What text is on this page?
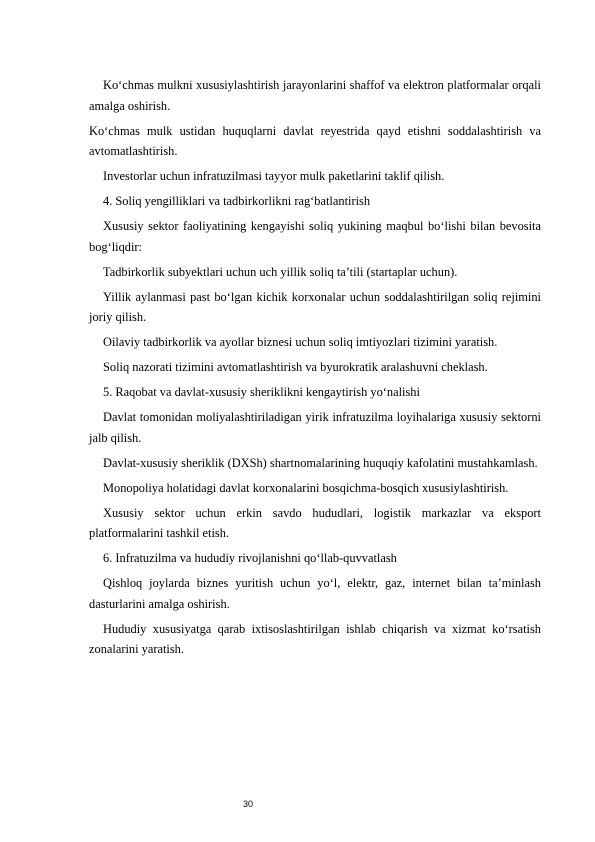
Ko‘chmas mulkni xususiylashtirish jarayonlarini shaffof va elektron platformalar orqali amalga oshirish.

Ko‘chmas mulk ustidan huquqlarni davlat reyestrida qayd etishni soddalashtirish va avtomatlashtirish.

Investorlar uchun infratuzilmasi tayyor mulk paketlarini taklif qilish.

4. Soliq yengilliklari va tadbirkorlikni rag‘batlantirish

Xususiy sektor faoliyatining kengayishi soliq yukining maqbul bo‘lishi bilan bevosita bog‘liqdir:

Tadbirkorlik subyektlari uchun uch yillik soliq ta’tili (startaplar uchun).

Yillik aylanmasi past bo‘lgan kichik korxonalar uchun soddalashtirilgan soliq rejimini joriy qilish.

Oilaviy tadbirkorlik va ayollar biznesi uchun soliq imtiyozlari tizimini yaratish.

Soliq nazorati tizimini avtomatlashtirish va byurokratik aralashuvni cheklash.

5. Raqobat va davlat-xususiy sheriklikni kengaytirish yo‘nalishi

Davlat tomonidan moliyalashtiriladigan yirik infratuzilma loyihalariga xususiy sektorni jalb qilish.

Davlat-xususiy sheriklik (DXSh) shartnomalarining huquqiy kafolatini mustahkamlash.

Monopoliya holatidagi davlat korxonalarini bosqichma-bosqich xususiylashtirish.

Xususiy sektor uchun erkin savdo hududlari, logistik markazlar va eksport platformalarini tashkil etish.

6. Infratuzilma va hududiy rivojlanishni qo‘llab-quvvatlash

Qishloq joylarda biznes yuritish uchun yo‘l, elektr, gaz, internet bilan ta’minlash dasturlarini amalga oshirish.

Hududiy xususiyatga qarab ixtisoslashtirilgan ishlab chiqarish va xizmat ko‘rsatish zonalarini yaratish.

30
